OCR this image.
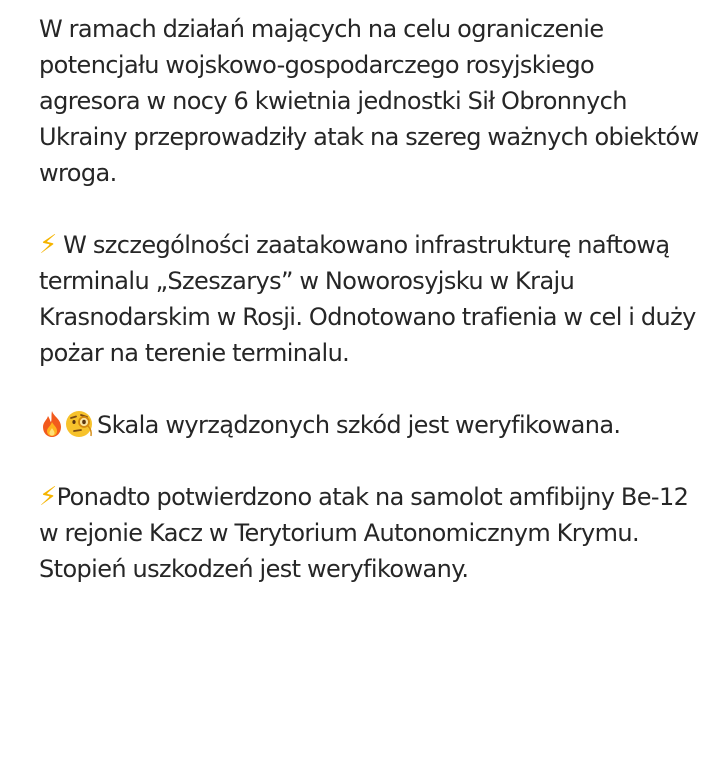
W ramach działań mających na celu ograniczenie potencjału wojskowo-gospodarczego rosyjskiego agresora w nocy 6 kwietnia jednostki Sił Obronnych Ukrainy przeprowadziły atak na szereg ważnych obiektów wroga.

⚡ W szczególności zaatakowano infrastrukturę naftową terminalu „Szeszarys” w Noworosyjsku w Kraju Krasnodarskim w Rosji. Odnotowano trafienia w cel i duży pożar na terenie terminalu.

Skala wyrządzonych szkód jest weryfikowana.

⚡Ponadto potwierdzono atak na samolot amfibijny Be-12 w rejonie Kacz w Terytorium Autonomicznym Krymu. Stopień uszkodzeń jest weryfikowany.
